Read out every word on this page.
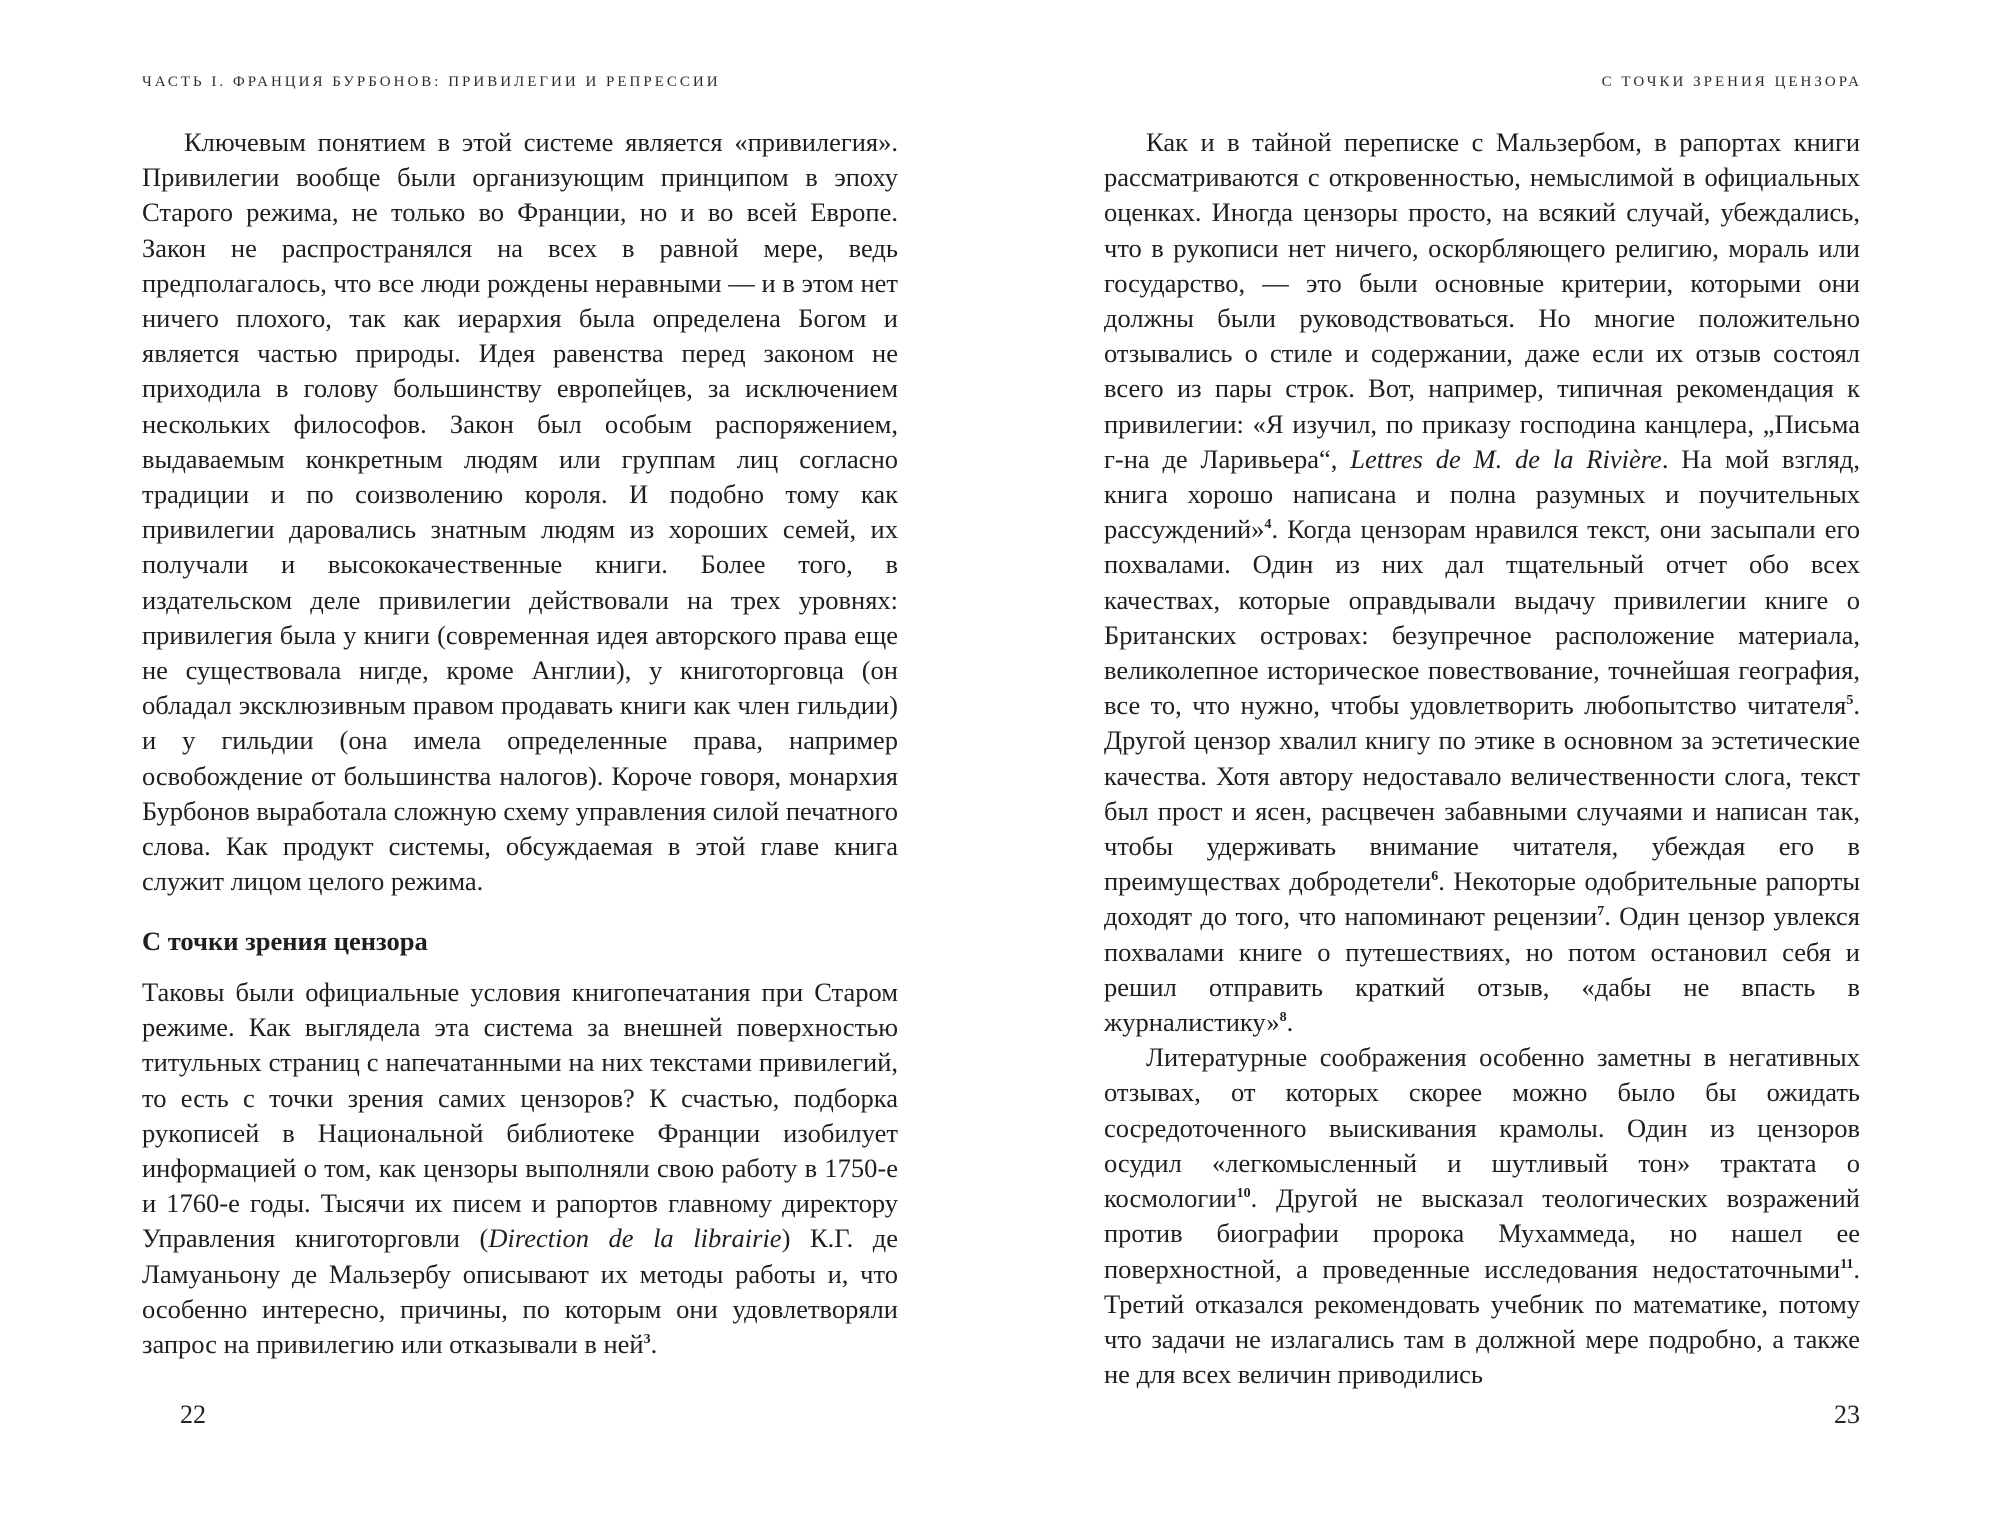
ЧАСТЬ I. ФРАНЦИЯ БУРБОНОВ: ПРИВИЛЕГИИ И РЕПРЕССИИ

Ключевым понятием в этой системе является «привилегия». Привилегии вообще были организующим принципом в эпоху Старого режима, не только во Франции, но и во всей Европе. Закон не распространялся на всех в равной мере, ведь предполагалось, что все люди рождены неравными — и в этом нет ничего плохого, так как иерархия была определена Богом и является частью природы. Идея равенства перед законом не приходила в голову большинству европейцев, за исключением нескольких философов. Закон был особым распоряжением, выдаваемым конкретным людям или группам лиц согласно традиции и по соизволению короля. И подобно тому как привилегии даровались знатным людям из хороших семей, их получали и высококачественные книги. Более того, в издательском деле привилегии действовали на трех уровнях: привилегия была у книги (современная идея авторского права еще не существовала нигде, кроме Англии), у книготорговца (он обладал эксклюзивным правом продавать книги как член гильдии) и у гильдии (она имела определенные права, например освобождение от большинства налогов). Короче говоря, монархия Бурбонов выработала сложную схему управления силой печатного слова. Как продукт системы, обсуждаемая в этой главе книга служит лицом целого режима.

С точки зрения цензора

Таковы были официальные условия книгопечатания при Старом режиме. Как выглядела эта система за внешней поверхностью титульных страниц с напечатанными на них текстами привилегий, то есть с точки зрения самих цензоров? К счастью, подборка рукописей в Национальной библиотеке Франции изобилует информацией о том, как цензоры выполняли свою работу в 1750-е и 1760-е годы. Тысячи их писем и рапортов главному директору Управления книготорговли (Direction de la librairie) К.Г. де Ламуаньону де Мальзербу описывают их методы работы и, что особенно интересно, причины, по которым они удовлетворяли запрос на привилегию или отказывали в ней$^3$.

22
С ТОЧКИ ЗРЕНИЯ ЦЕНЗОРА

Как и в тайной переписке с Мальзербом, в рапортах книги рассматриваются с откровенностью, немыслимой в официальных оценках. Иногда цензоры просто, на всякий случай, убеждались, что в рукописи нет ничего, оскорбляющего религию, мораль или государство, — это были основные критерии, которыми они должны были руководствоваться. Но многие положительно отзывались о стиле и содержании, даже если их отзыв состоял всего из пары строк. Вот, например, типичная рекомендация к привилегии: «Я изучил, по приказу господина канцлера, „Письма г-на де Ларивьера“, Lettres de M. de la Rivière. На мой взгляд, книга хорошо написана и полна разумных и поучительных рассуждений»$^4$. Когда цензорам нравился текст, они засыпали его похвалами. Один из них дал тщательный отчет обо всех качествах, которые оправдывали выдачу привилегии книге о Британских островах: безупречное расположение материала, великолепное историческое повествование, точнейшая география, все то, что нужно, чтобы удовлетворить любопытство читателя$^5$. Другой цензор хвалил книгу по этике в основном за эстетические качества. Хотя автору недоставало величественности слога, текст был прост и ясен, расцвечен забавными случаями и написан так, чтобы удерживать внимание читателя, убеждая его в преимуществах добродетели$^6$. Некоторые одобрительные рапорты доходят до того, что напоминают рецензии$^7$. Один цензор увлекся похвалами книге о путешествиях, но потом остановил себя и решил отправить краткий отзыв, «дабы не впасть в журналистику»$^8$.

Литературные соображения особенно заметны в негативных отзывах, от которых скорее можно было бы ожидать сосредоточенного выискивания крамолы. Один из цензоров осудил «легкомысленный и шутливый тон» трактата о космологии$^{10}$. Другой не высказал теологических возражений против биографии пророка Мухаммеда, но нашел ее поверхностной, а проведенные исследования недостаточными$^{11}$. Третий отказался рекомендовать учебник по математике, потому что задачи не излагались там в должной мере подробно, а также не для всех величин приводились

23
